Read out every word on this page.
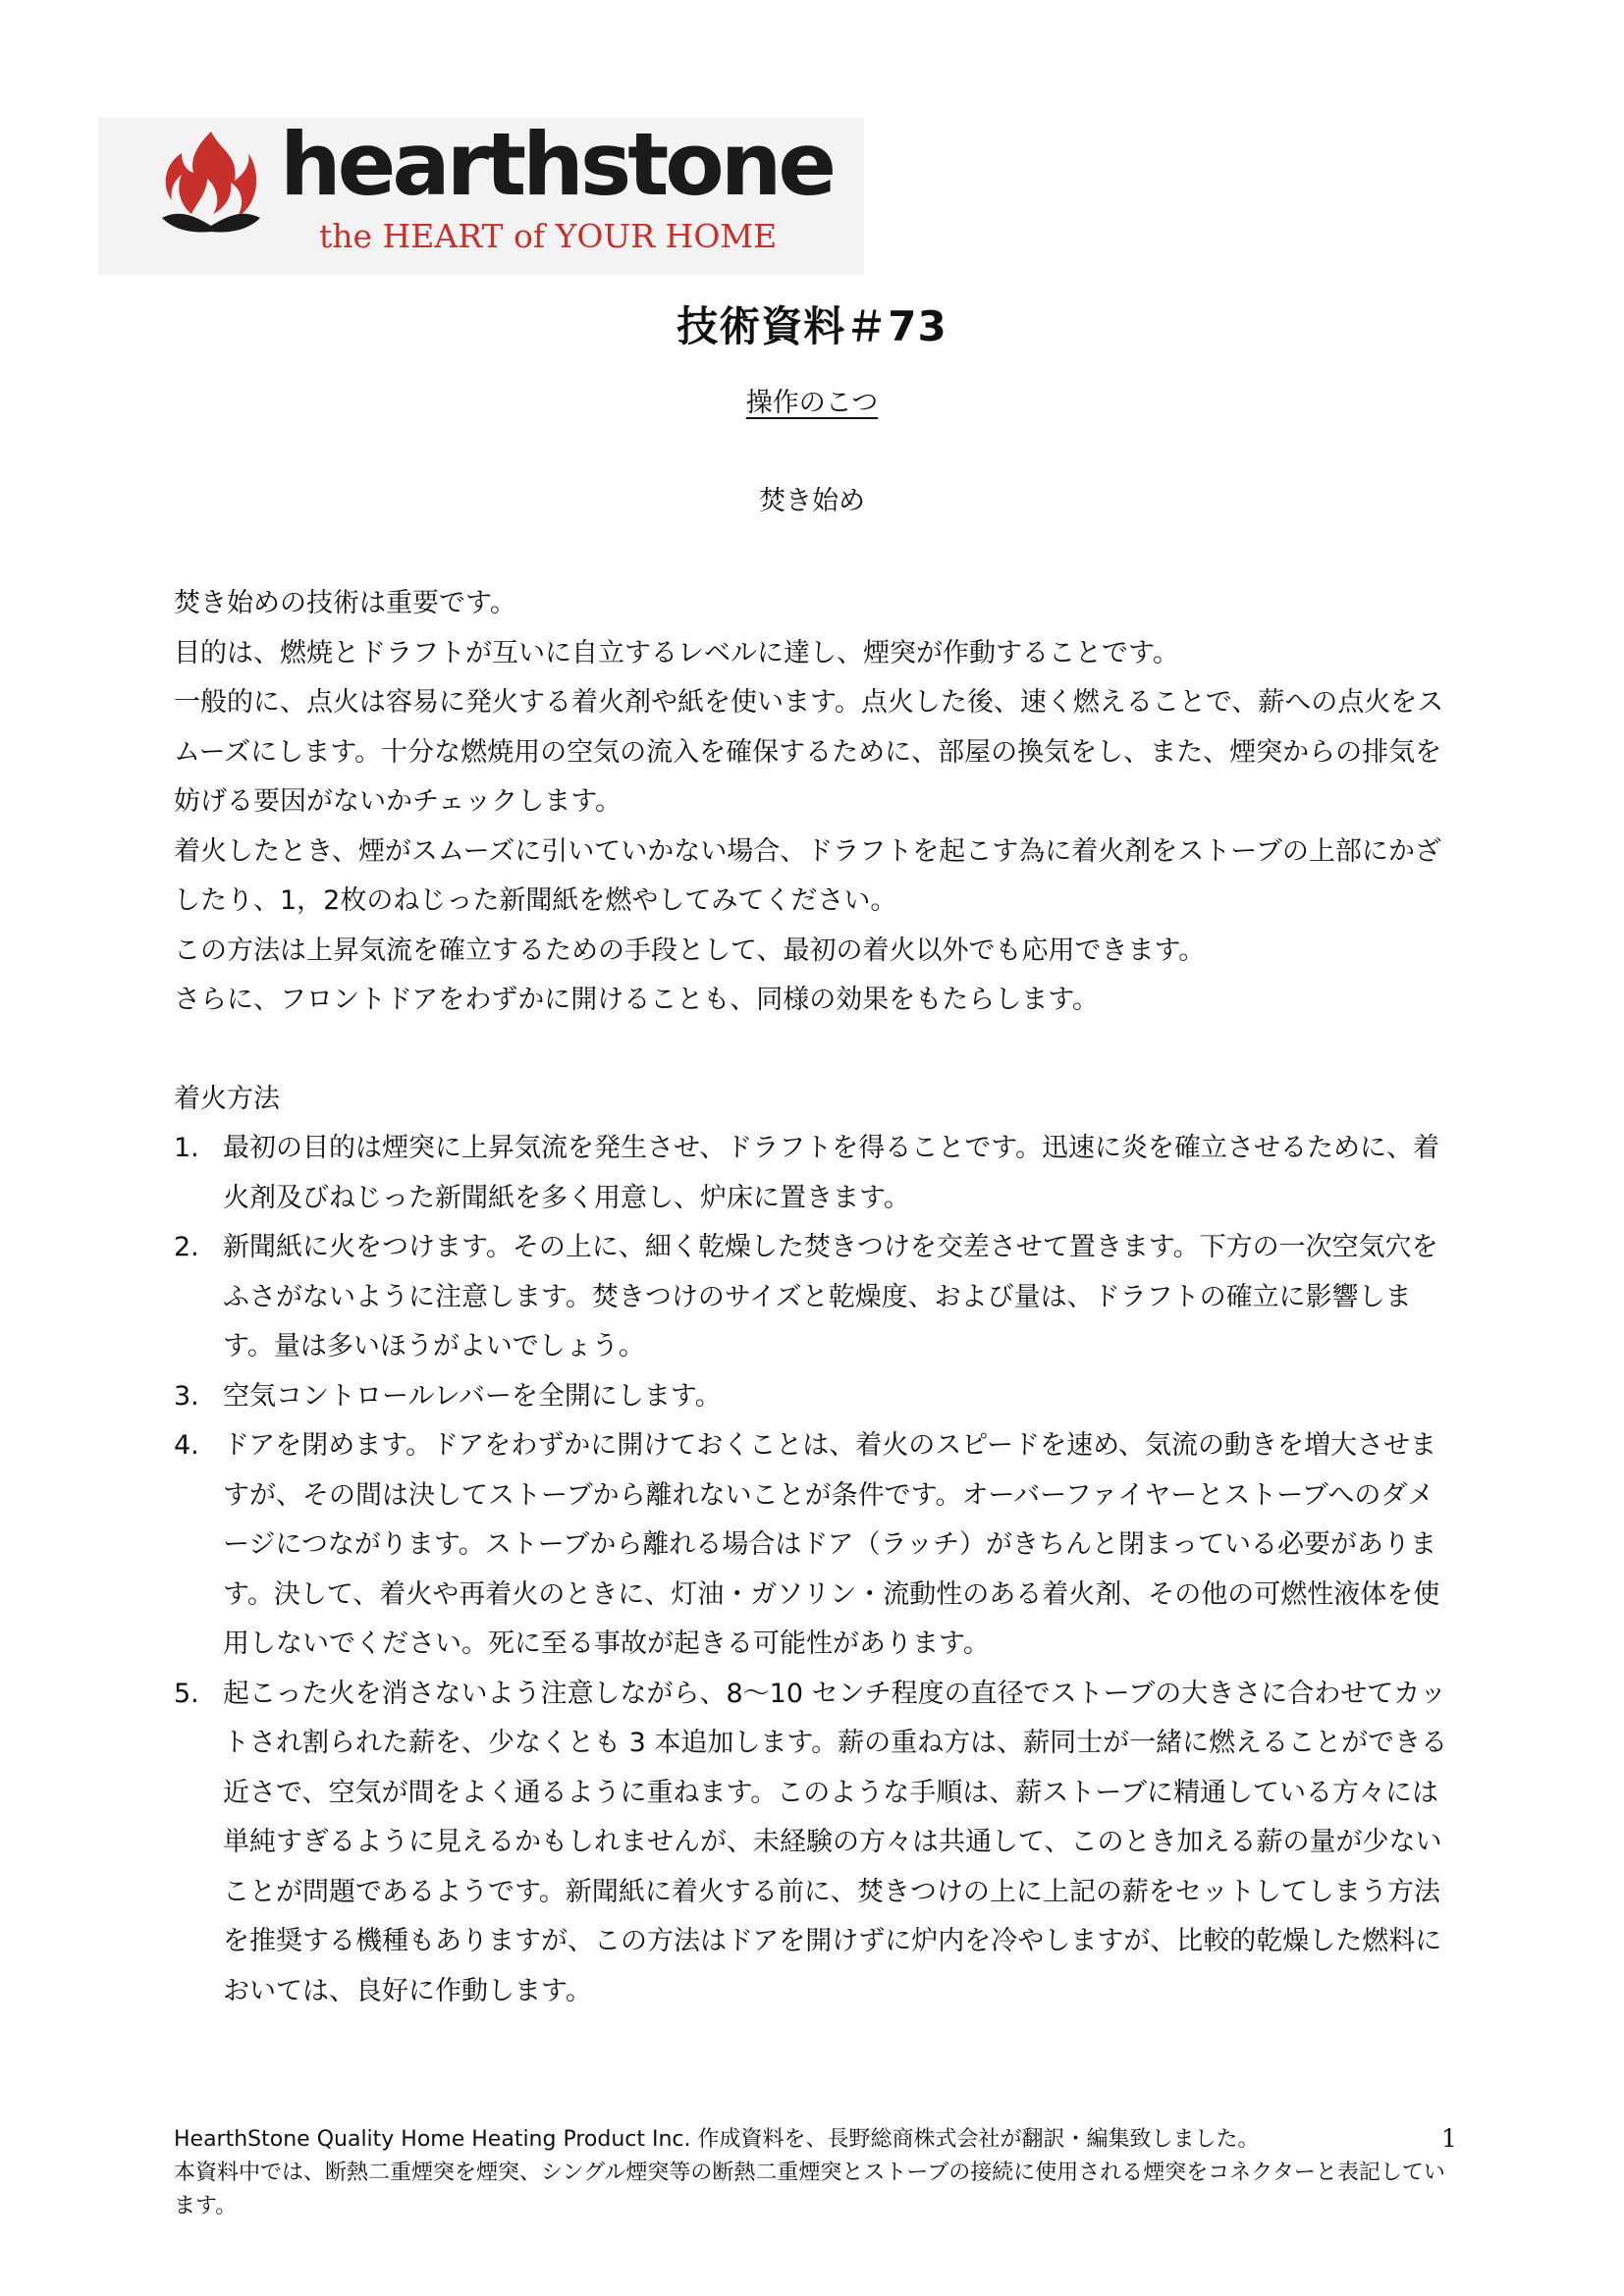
hearthstone
the HEART of YOUR HOME
技術資料＃73
操作のこつ
焚き始め

焚き始めの技術は重要です。

目的は、燃焼とドラフトが互いに自立するレベルに達し、煙突が作動することです。

一般的に、点火は容易に発火する着火剤や紙を使います。点火した後、速く燃えることで、薪への点火をスムーズにします。十分な燃焼用の空気の流入を確保するために、部屋の換気をし、また、煙突からの排気を妨げる要因がないかチェックします。

着火したとき、煙がスムーズに引いていかない場合、ドラフトを起こす為に着火剤をストーブの上部にかざしたり、1，2枚のねじった新聞紙を燃やしてみてください。

この方法は上昇気流を確立するための手段として、最初の着火以外でも応用できます。

さらに、フロントドアをわずかに開けることも、同様の効果をもたらします。

着火方法

1. 最初の目的は煙突に上昇気流を発生させ、ドラフトを得ることです。迅速に炎を確立させるために、着火剤及びねじった新聞紙を多く用意し、炉床に置きます。
2. 新聞紙に火をつけます。その上に、細く乾燥した焚きつけを交差させて置きます。下方の一次空気穴をふさがないように注意します。焚きつけのサイズと乾燥度、および量は、ドラフトの確立に影響します。量は多いほうがよいでしょう。
3. 空気コントロールレバーを全開にします。
4. ドアを閉めます。ドアをわずかに開けておくことは、着火のスピードを速め、気流の動きを増大させますが、その間は決してストーブから離れないことが条件です。オーバーファイヤーとストーブへのダメージにつながります。ストーブから離れる場合はドア（ラッチ）がきちんと閉まっている必要があります。決して、着火や再着火のときに、灯油・ガソリン・流動性のある着火剤、その他の可燃性液体を使用しないでください。死に至る事故が起きる可能性があります。
5. 起こった火を消さないよう注意しながら、8～10 センチ程度の直径でストーブの大きさに合わせてカットされ割られた薪を、少なくとも 3 本追加します。薪の重ね方は、薪同士が一緒に燃えることができる近さで、空気が間をよく通るように重ねます。このような手順は、薪ストーブに精通している方々には単純すぎるように見えるかもしれませんが、未経験の方々は共通して、このとき加える薪の量が少ないことが問題であるようです。新聞紙に着火する前に、焚きつけの上に上記の薪をセットしてしまう方法を推奨する機種もありますが、この方法はドアを開けずに炉内を冷やしますが、比較的乾燥した燃料においては、良好に作動します。

HearthStone Quality Home Heating Product Inc. 作成資料を、長野総商株式会社が翻訳・編集致しました。

本資料中では、断熱二重煙突を煙突、シングル煙突等の断熱二重煙突とストーブの接続に使用される煙突をコネクターと表記しています。

1
